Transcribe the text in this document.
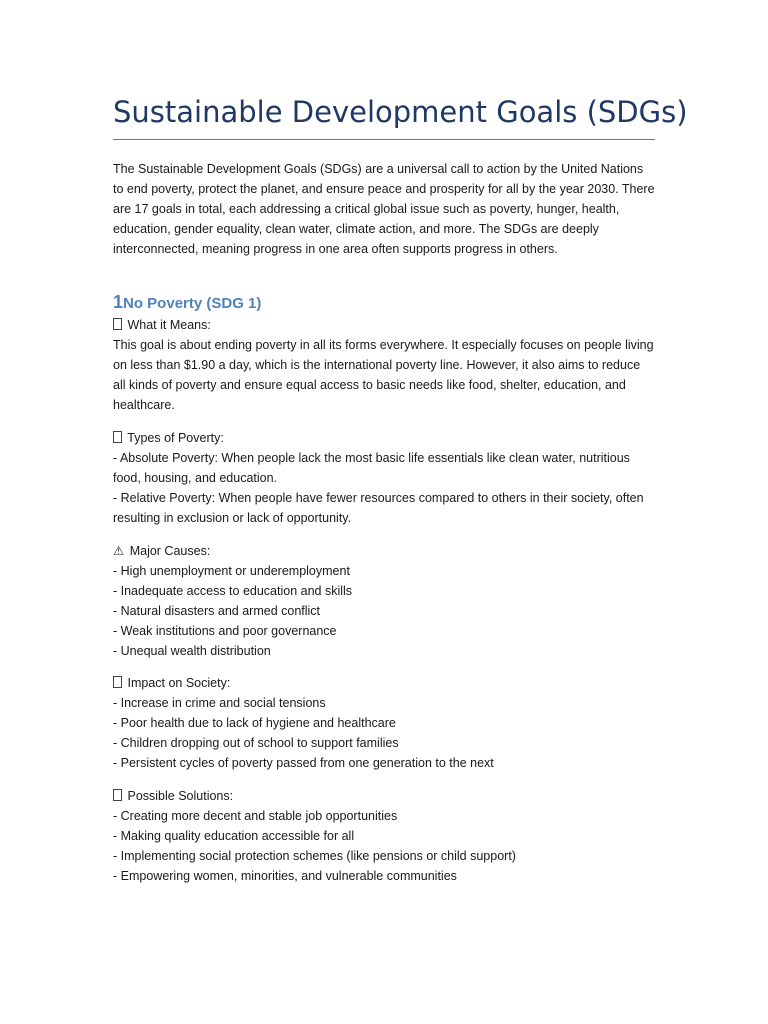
Sustainable Development Goals (SDGs)

The Sustainable Development Goals (SDGs) are a universal call to action by the United Nations to end poverty, protect the planet, and ensure peace and prosperity for all by the year 2030. There are 17 goals in total, each addressing a critical global issue such as poverty, hunger, health, education, gender equality, clean water, climate action, and more. The SDGs are deeply interconnected, meaning progress in one area often supports progress in others.

1No Poverty (SDG 1)
What it Means:
This goal is about ending poverty in all its forms everywhere. It especially focuses on people living on less than $1.90 a day, which is the international poverty line. However, it also aims to reduce all kinds of poverty and ensure equal access to basic needs like food, shelter, education, and healthcare.
Types of Poverty:
- Absolute Poverty: When people lack the most basic life essentials like clean water, nutritious food, housing, and education.
- Relative Poverty: When people have fewer resources compared to others in their society, often resulting in exclusion or lack of opportunity.
⚠ Major Causes:
- High unemployment or underemployment
- Inadequate access to education and skills
- Natural disasters and armed conflict
- Weak institutions and poor governance
- Unequal wealth distribution
Impact on Society:
- Increase in crime and social tensions
- Poor health due to lack of hygiene and healthcare
- Children dropping out of school to support families
- Persistent cycles of poverty passed from one generation to the next
Possible Solutions:
- Creating more decent and stable job opportunities
- Making quality education accessible for all
- Implementing social protection schemes (like pensions or child support)
- Empowering women, minorities, and vulnerable communities
